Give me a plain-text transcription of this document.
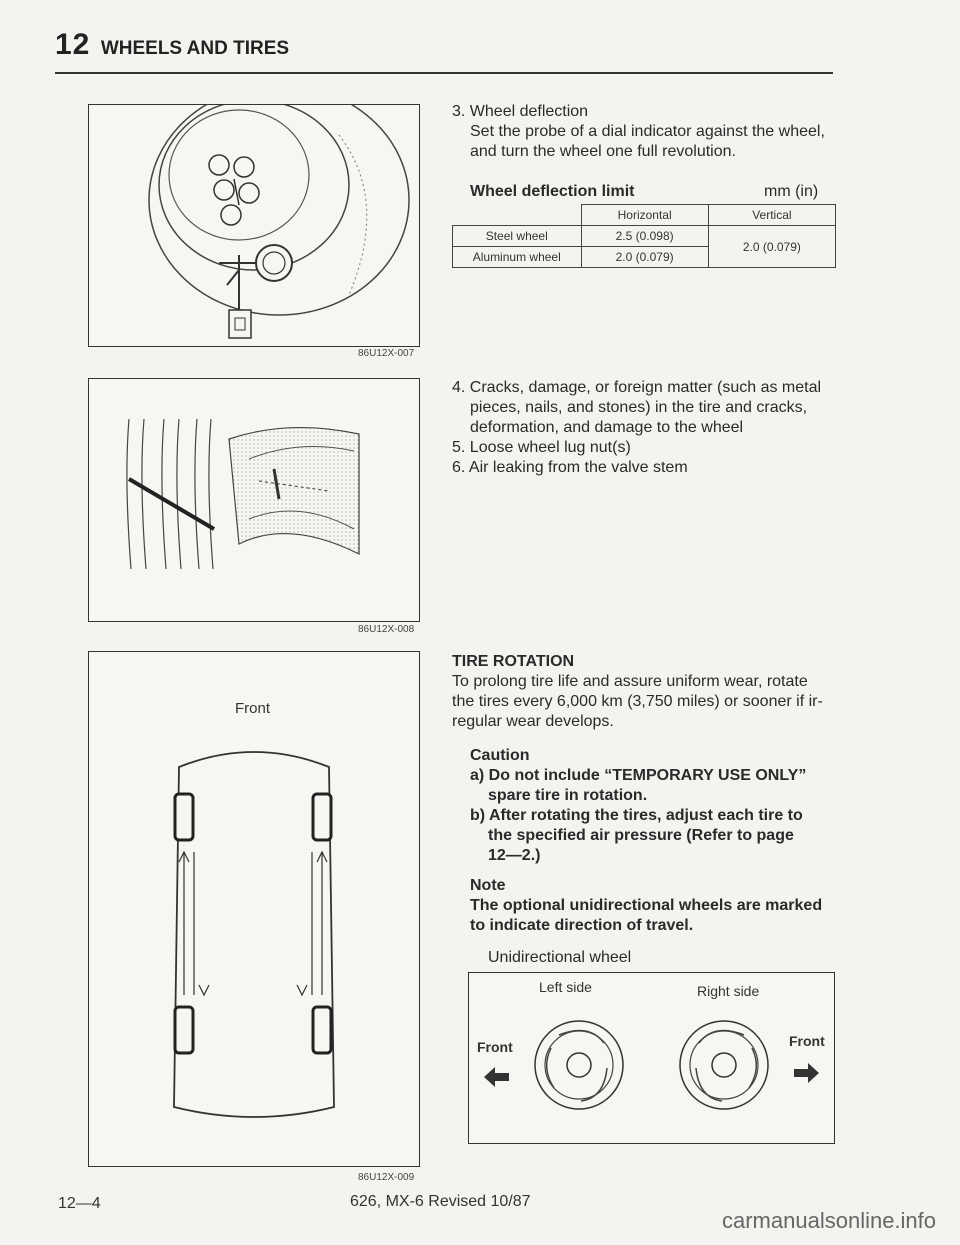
12 WHEELS AND TIRES
86U12X-007
86U12X-008
Front
86U12X-009
3. Wheel deflection
Set the probe of a dial indicator against the wheel,
and turn the wheel one full revolution.
Wheel deflection limit	mm (in)
	Horizontal	Vertical
Steel wheel	2.5 (0.098)	2.0 (0.079)
Aluminum wheel	2.0 (0.079)	
4. Cracks, damage, or foreign matter (such as metal
pieces, nails, and stones) in the tire and cracks,
deformation, and damage to the wheel
5. Loose wheel lug nut(s)
6. Air leaking from the valve stem
TIRE ROTATION
To prolong tire life and assure uniform wear, rotate
the tires every 6,000 km (3,750 miles) or sooner if ir-
regular wear develops.
Caution
a) Do not include “TEMPORARY USE ONLY”
spare tire in rotation.
b) After rotating the tires, adjust each tire to
the specified air pressure (Refer to page
12—2.)
Note
The optional unidirectional wheels are marked
to indicate direction of travel.
Unidirectional wheel
Left side	Right side
Front	Front
12—4	626, MX-6 Revised 10/87
carmanualsonline.info
